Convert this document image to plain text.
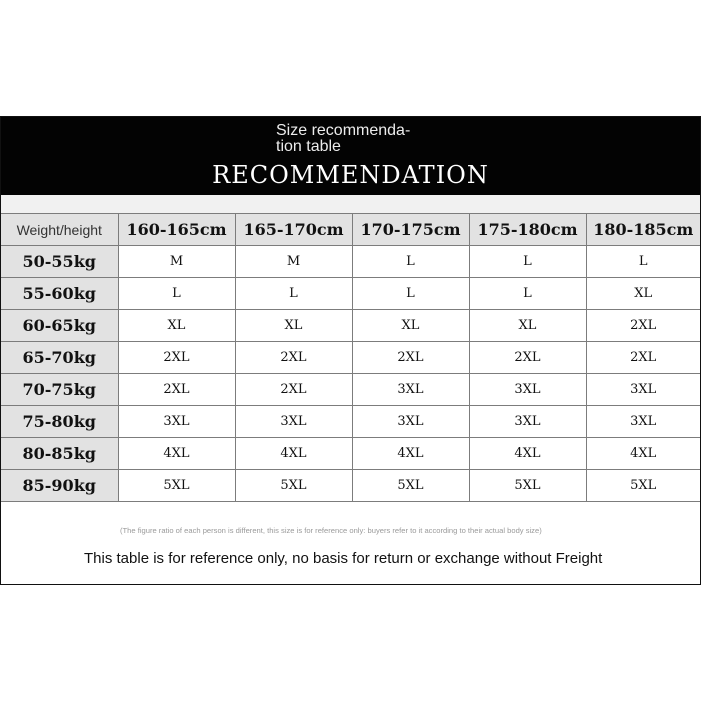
Size recommenda-
tion table
RECOMMENDATION
Weight/height	160-165cm	165-170cm	170-175cm	175-180cm	180-185cm
50-55kg	M	M	L	L	L
55-60kg	L	L	L	L	XL
60-65kg	XL	XL	XL	XL	2XL
65-70kg	2XL	2XL	2XL	2XL	2XL
70-75kg	2XL	2XL	3XL	3XL	3XL
75-80kg	3XL	3XL	3XL	3XL	3XL
80-85kg	4XL	4XL	4XL	4XL	4XL
85-90kg	5XL	5XL	5XL	5XL	5XL
(The figure ratio of each person is different, this size is for reference only: buyers refer to it according to their actual body size)
This table is for reference only, no basis for return or exchange without Freight
